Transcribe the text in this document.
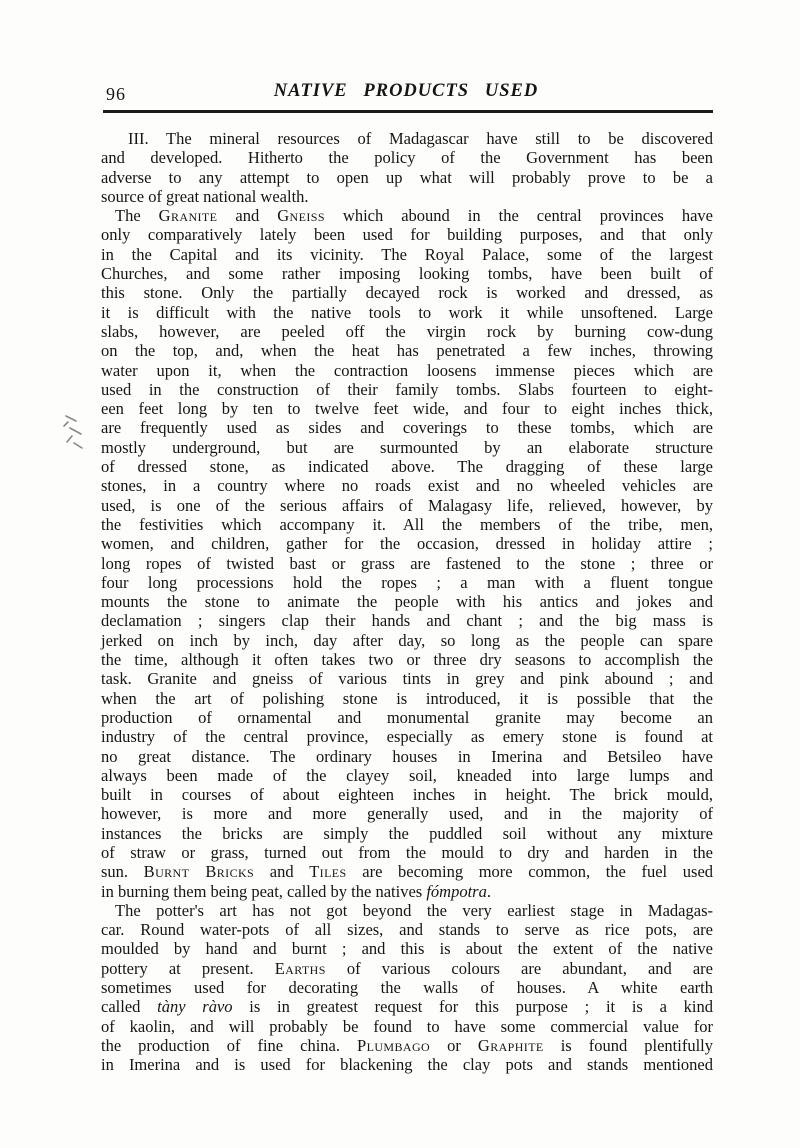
96	NATIVE PRODUCTS USED
III. The mineral resources of Madagascar have still to be discovered
and developed. Hitherto the policy of the Government has been
adverse to any attempt to open up what will probably prove to be a
source of great national wealth.
The Granite and Gneiss which abound in the central provinces have
only comparatively lately been used for building purposes, and that only
in the Capital and its vicinity. The Royal Palace, some of the largest
Churches, and some rather imposing looking tombs, have been built of
this stone. Only the partially decayed rock is worked and dressed, as
it is difficult with the native tools to work it while unsoftened. Large
slabs, however, are peeled off the virgin rock by burning cow-dung
on the top, and, when the heat has penetrated a few inches, throwing
water upon it, when the contraction loosens immense pieces which are
used in the construction of their family tombs. Slabs fourteen to eight-
een feet long by ten to twelve feet wide, and four to eight inches thick,
are frequently used as sides and coverings to these tombs, which are
mostly underground, but are surmounted by an elaborate structure
of dressed stone, as indicated above. The dragging of these large
stones, in a country where no roads exist and no wheeled vehicles are
used, is one of the serious affairs of Malagasy life, relieved, however, by
the festivities which accompany it. All the members of the tribe, men,
women, and children, gather for the occasion, dressed in holiday attire ;
long ropes of twisted bast or grass are fastened to the stone ; three or
four long processions hold the ropes ; a man with a fluent tongue
mounts the stone to animate the people with his antics and jokes and
declamation ; singers clap their hands and chant ; and the big mass is
jerked on inch by inch, day after day, so long as the people can spare
the time, although it often takes two or three dry seasons to accomplish the
task. Granite and gneiss of various tints in grey and pink abound ; and
when the art of polishing stone is introduced, it is possible that the
production of ornamental and monumental granite may become an
industry of the central province, especially as emery stone is found at
no great distance. The ordinary houses in Imerina and Betsileo have
always been made of the clayey soil, kneaded into large lumps and
built in courses of about eighteen inches in height. The brick mould,
however, is more and more generally used, and in the majority of
instances the bricks are simply the puddled soil without any mixture
of straw or grass, turned out from the mould to dry and harden in the
sun. Burnt Bricks and Tiles are becoming more common, the fuel used
in burning them being peat, called by the natives fómpotra.
The potter's art has not got beyond the very earliest stage in Madagas-
car. Round water-pots of all sizes, and stands to serve as rice pots, are
moulded by hand and burnt ; and this is about the extent of the native
pottery at present. Earths of various colours are abundant, and are
sometimes used for decorating the walls of houses. A white earth
called tàny ràvo is in greatest request for this purpose ; it is a kind
of kaolin, and will probably be found to have some commercial value for
the production of fine china. Plumbago or Graphite is found plentifully
in Imerina and is used for blackening the clay pots and stands mentioned
